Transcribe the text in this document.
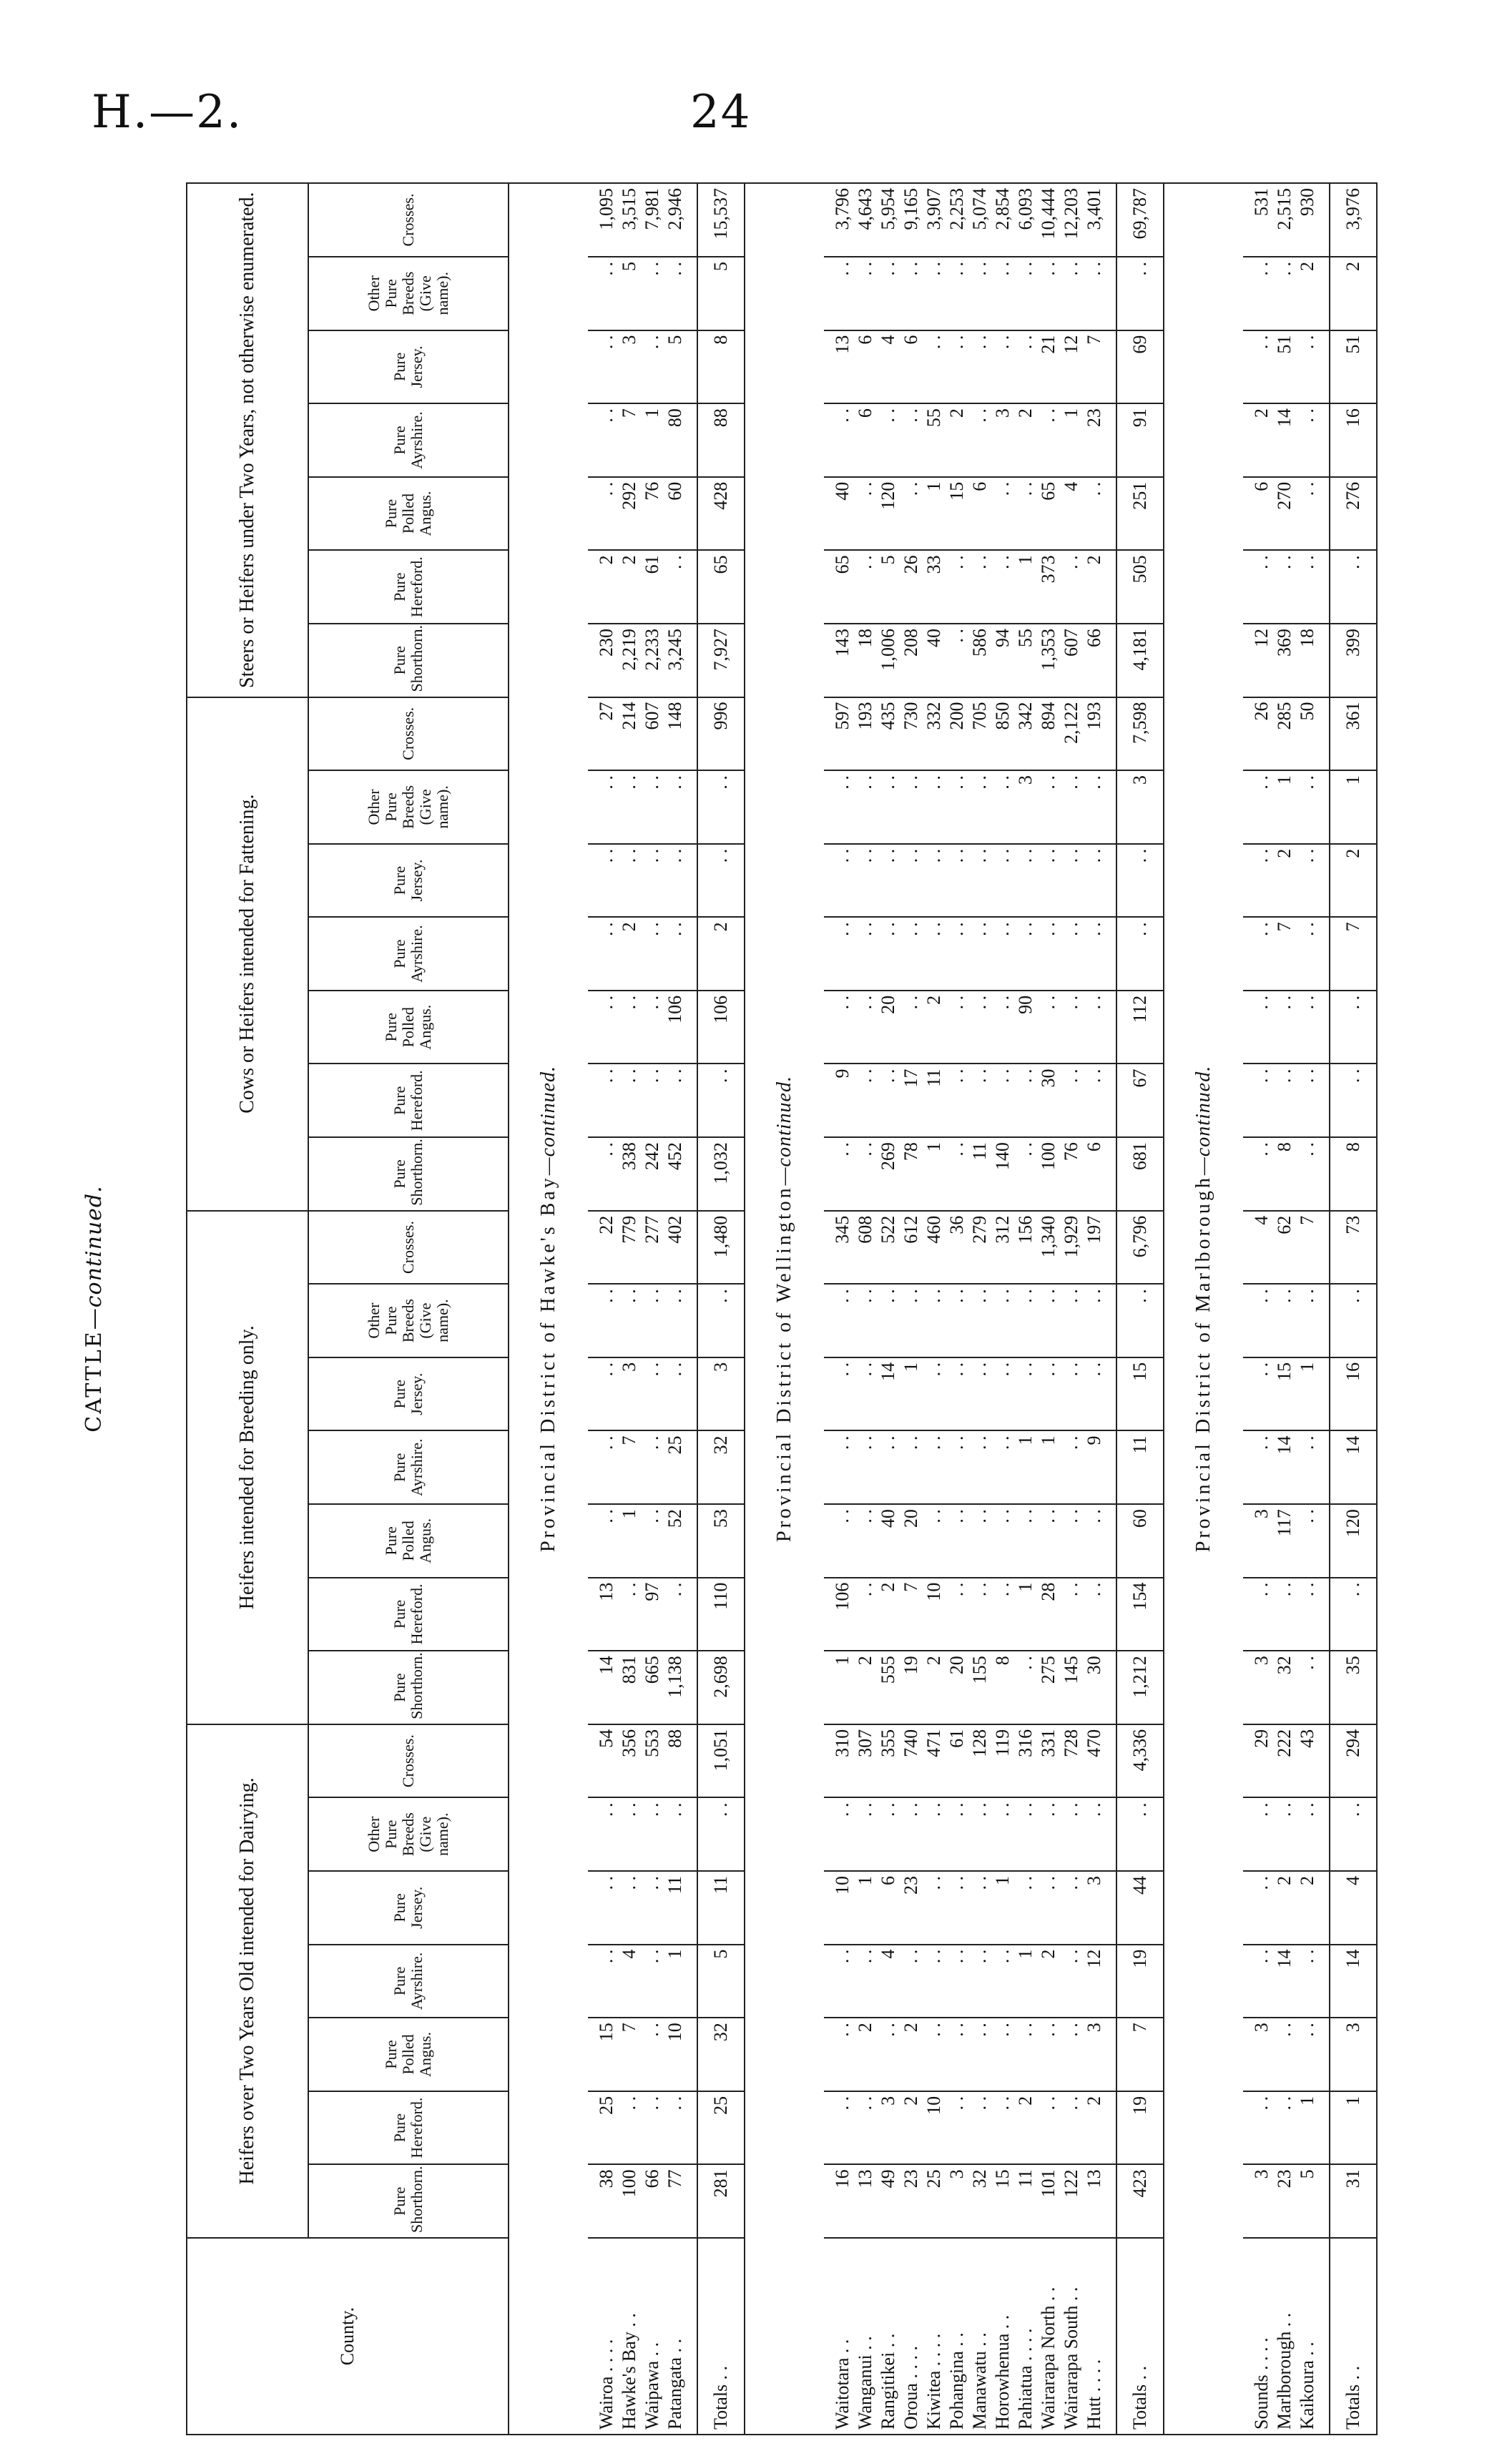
H.—2.	24
CATTLE—continued.
County.	Heifers over Two Years Old intended for Dairying.							Heifers intended for Breeding only.							Cows or Heifers intended for Fattening.							Steers or Heifers under Two Years, not otherwise enumerated.						
	Pure Shorthorn.	Pure Hereford.	Pure Polled Angus.	Pure Ayrshire.	Pure Jersey.	Other Pure Breeds (Give name).	Crosses.	Pure Shorthorn.	Pure Hereford.	Pure Polled Angus.	Pure Ayrshire.	Pure Jersey.	Other Pure Breeds (Give name).	Crosses.	Pure Shorthorn.	Pure Hereford.	Pure Polled Angus.	Pure Ayrshire.	Pure Jersey.	Other Pure Breeds (Give name).	Crosses.	Pure Shorthorn.	Pure Hereford.	Pure Polled Angus.	Pure Ayrshire.	Pure Jersey.	Other Pure Breeds (Give name).	Crosses.
Provincial District of Hawke's Bay—continued.																												
Wairoa . . . .	38	25	15	. .	. .	. .	54	14	13	. .	. .	. .	. .	22	. .	. .	. .	. .	. .	. .	27	230	2	. .	. .	. .	. .	1,095
Hawke's Bay . .	100	. .	7	4	. .	. .	356	831	. .	1	7	3	. .	779	338	. .	. .	2	. .	. .	214	2,219	2	292	7	3	5	3,515
Waipawa . .	66	. .	. .	. .	. .	. .	553	665	97	. .	. .	. .	. .	277	242	. .	. .	. .	. .	. .	607	2,233	61	76	1	. .	. .	7,981
Patangata . .	77	. .	10	1	11	. .	88	1,138	. .	52	25	. .	. .	402	452	. .	106	. .	. .	. .	148	3,245	. .	60	80	5	. .	2,946

Totals . .	281	25	32	5	11	. .	1,051	2,698	110	53	32	3	. .	1,480	1,032	. .	106	2	. .	. .	996	7,927	65	428	88	8	5	15,537
Provincial District of Wellington—continued.																												
Waitotara . .	16	. .	. .	. .	10	. .	310	1	106	. .	. .	. .	. .	345	. .	9	. .	. .	. .	. .	597	143	65	40	. .	13	. .	3,796
Wanganui . .	13	. .	2	. .	1	. .	307	2	. .	. .	. .	. .	. .	608	. .	. .	. .	. .	. .	. .	193	18	. .	. .	6	6	. .	4,643
Rangitikei . .	49	3	. .	4	6	. .	355	555	2	40	. .	14	. .	522	269	. .	20	. .	. .	. .	435	1,006	5	120	. .	4	. .	5,954
Oroua . . . .	23	2	2	. .	23	. .	740	19	7	20	. .	1	. .	612	78	17	. .	. .	. .	. .	730	208	26	. .	. .	6	. .	9,165
Kiwitea . . . .	25	10	. .	. .	. .	. .	471	2	10	. .	. .	. .	. .	460	1	11	2	. .	. .	. .	332	40	33	1	55	. .	. .	3,907
Pohangina . .	3	. .	. .	. .	. .	. .	61	20	. .	. .	. .	. .	. .	36	. .	. .	. .	. .	. .	. .	200	. .	. .	15	2	. .	. .	2,253
Manawatu . .	32	. .	. .	. .	. .	. .	128	155	. .	. .	. .	. .	. .	279	11	. .	. .	. .	. .	. .	705	586	. .	6	. .	. .	. .	5,074
Horowhenua . .	15	. .	. .	. .	1	. .	119	8	. .	. .	. .	. .	. .	312	140	. .	. .	. .	. .	. .	850	94	. .	. .	3	. .	. .	2,854
Pahiatua . . . .	11	2	. .	1	. .	. .	316	. .	1	. .	1	. .	. .	156	. .	. .	90	. .	. .	3	342	55	1	. .	2	. .	. .	6,093
Wairarapa North . .	101	. .	. .	2	. .	. .	331	275	28	. .	1	. .	. .	1,340	100	30	. .	. .	. .	. .	894	1,353	373	65	. .	21	. .	10,444
Wairarapa South . .	122	. .	. .	. .	. .	. .	728	145	. .	. .	. .	. .	. .	1,929	76	. .	. .	. .	. .	. .	2,122	607	. .	4	1	12	. .	12,203
Hutt . . . .	13	2	3	12	3	. .	470	30	. .	. .	9	. .	. .	197	6	. .	. .	. .	. .	. .	193	66	2	. .	23	7	. .	3,401

Totals . .	423	19	7	19	44	. .	4,336	1,212	154	60	11	15	. .	6,796	681	67	112	. .	. .	3	7,598	4,181	505	251	91	69	. .	69,787
Provincial District of Marlborough—continued.																												
Sounds . . . .	3	. .	3	. .	. .	. .	29	3	. .	3	. .	. .	. .	4	. .	. .	. .	. .	. .	. .	26	12	. .	6	2	. .	. .	531
Marlborough . .	23	. .	. .	14	2	. .	222	32	. .	117	14	15	. .	62	8	. .	. .	7	2	1	285	369	. .	270	14	51	. .	2,515
Kaikoura . .	5	1	. .	. .	2	. .	43	. .	. .	. .	. .	1	. .	7	. .	. .	. .	. .	. .	. .	50	18	. .	. .	. .	. .	2	930

Totals . .	31	1	3	14	4	. .	294	35	. .	120	14	16	. .	73	8	. .	. .	7	2	1	361	399	. .	276	16	51	2	3,976
